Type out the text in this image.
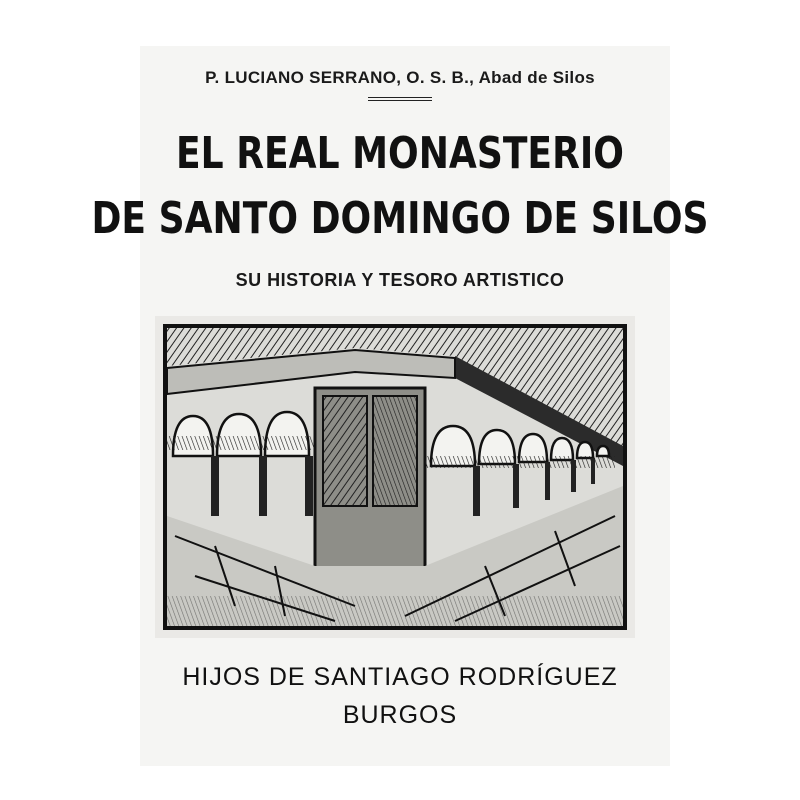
P. LUCIANO SERRANO, O. S. B., Abad de Silos
EL REAL MONASTERIO
DE SANTO DOMINGO DE SILOS
SU HISTORIA Y TESORO ARTISTICO
HIJOS DE SANTIAGO RODRÍGUEZ
BURGOS
